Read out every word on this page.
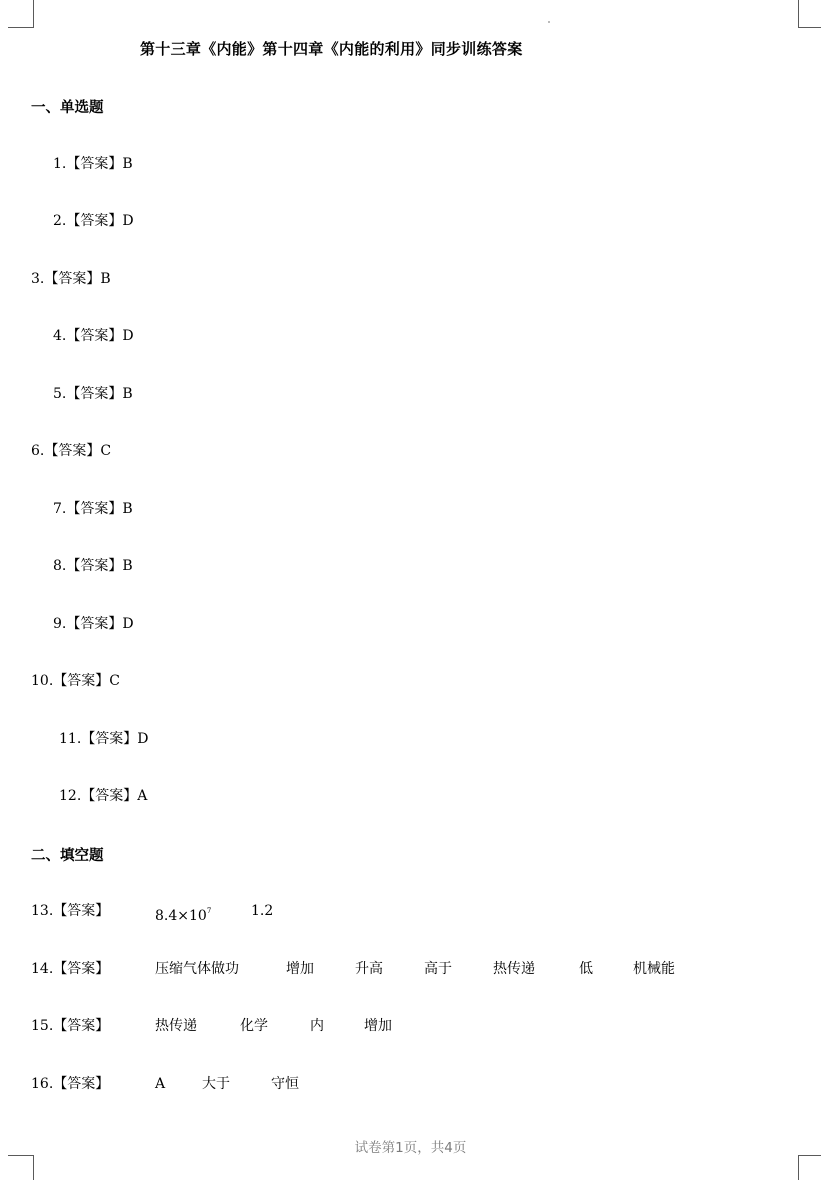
第十三章《内能》第十四章《内能的利用》同步训练答案
一、单选题
1.【答案】B
2.【答案】D
3.【答案】B
4.【答案】D
5.【答案】B
6.【答案】C
7.【答案】B
8.【答案】B
9.【答案】D
10.【答案】C
11.【答案】D
12.【答案】A
二、填空题
13.【答案】	$8.4\times 10^7$	1.2
14.【答案】	压缩气体做功	增加	升高	高于	热传递	低	机械能
15.【答案】	热传递	化学	内	增加
16.【答案】	A	大于	守恒
试卷第1页，共4页
